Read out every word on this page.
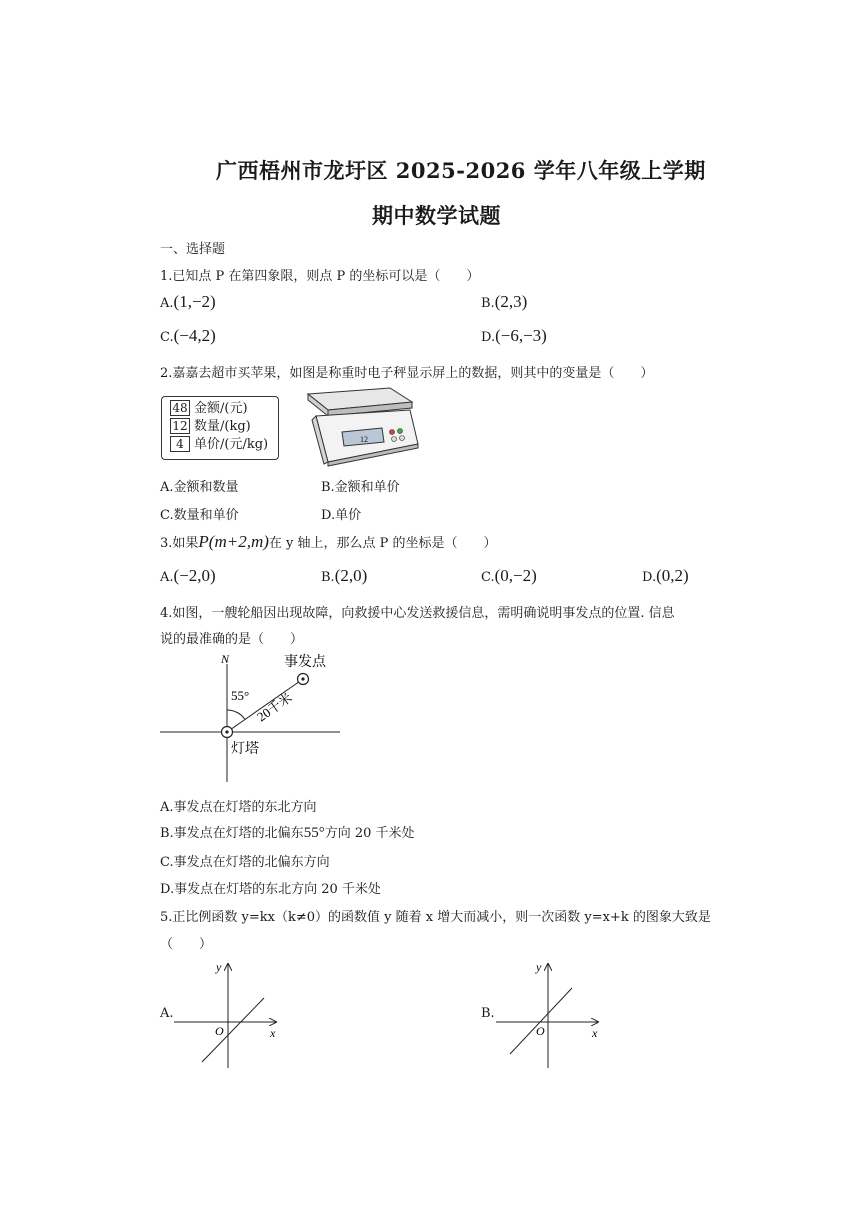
广西梧州市龙圩区 2025-2026 学年八年级上学期
期中数学试题
一、选择题
1.已知点 P 在第四象限，则点 P 的坐标可以是（　　）
A.(1,−2)	B.(2,3)
C.(−4,2)	D.(−6,−3)
2.嘉嘉去超市买苹果，如图是称重时电子秤显示屏上的数据，则其中的变量是（　　）
48 金额/(元)
12 数量/(kg)
4 单价/(元/kg)	12
A.金额和数量	B.金额和单价
C.数量和单价	D.单价
3.如果P(m+2,m)在 y 轴上，那么点 P 的坐标是（　　）
A.(−2,0)	B.(2,0)	C.(0,−2)	D.(0,2)
4.如图，一艘轮船因出现故障，向救援中心发送救援信息，需明确说明事发点的位置. 信息
说的最准确的是（　　）
N
55° 20千米
事发点
灯塔
A.事发点在灯塔的东北方向
B.事发点在灯塔的北偏东55°方向 20 千米处
C.事发点在灯塔的北偏东方向
D.事发点在灯塔的东北方向 20 千米处
5.正比例函数 y=kx（k≠0）的函数值 y 随着 x 增大而减小，则一次函数 y=x+k 的图象大致是
（　　）
A.
y
x
O
B.
y
x
O
